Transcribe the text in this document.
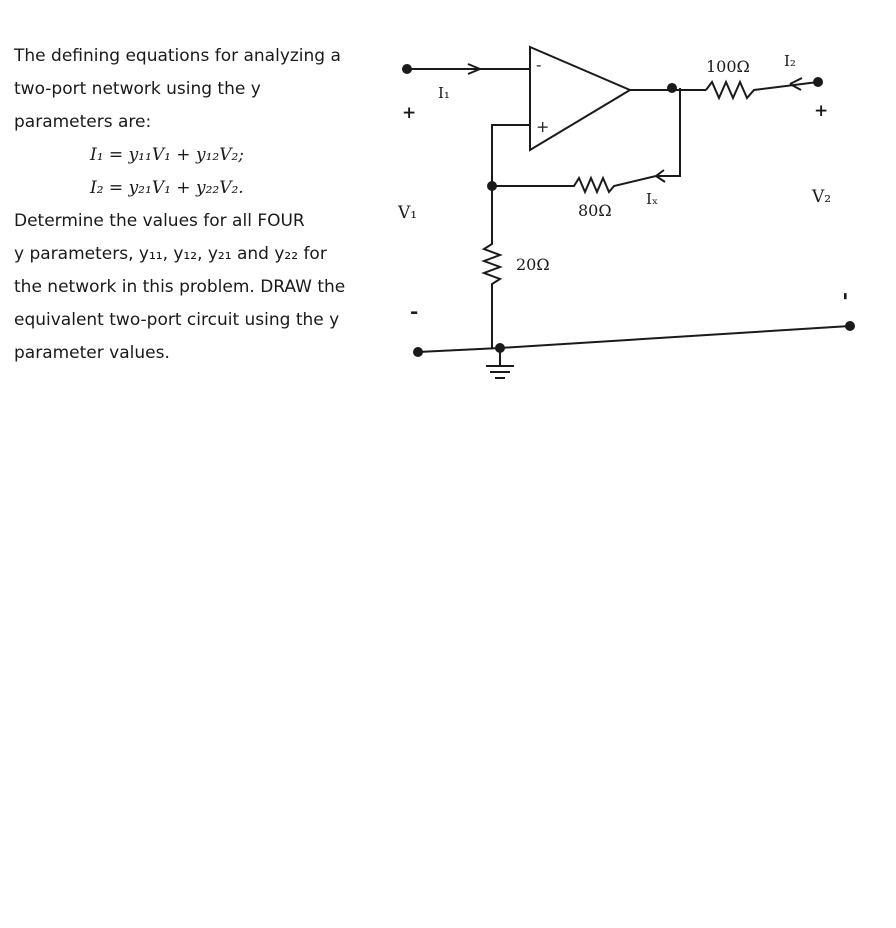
The defining equations for analyzing a
two-port network using the y
parameters are:
I₁ = y₁₁V₁ + y₁₂V₂;
I₂ = y₂₁V₁ + y₂₂V₂.
Determine the values for all FOUR
y parameters, y₁₁, y₁₂, y₂₁ and y₂₂ for
the network in this problem. DRAW the
equivalent two-port circuit using the y
parameter values.
-
+
I₁
I₂
Iₓ
100Ω
80Ω
20Ω
+
V₁
-
+
V₂
-
